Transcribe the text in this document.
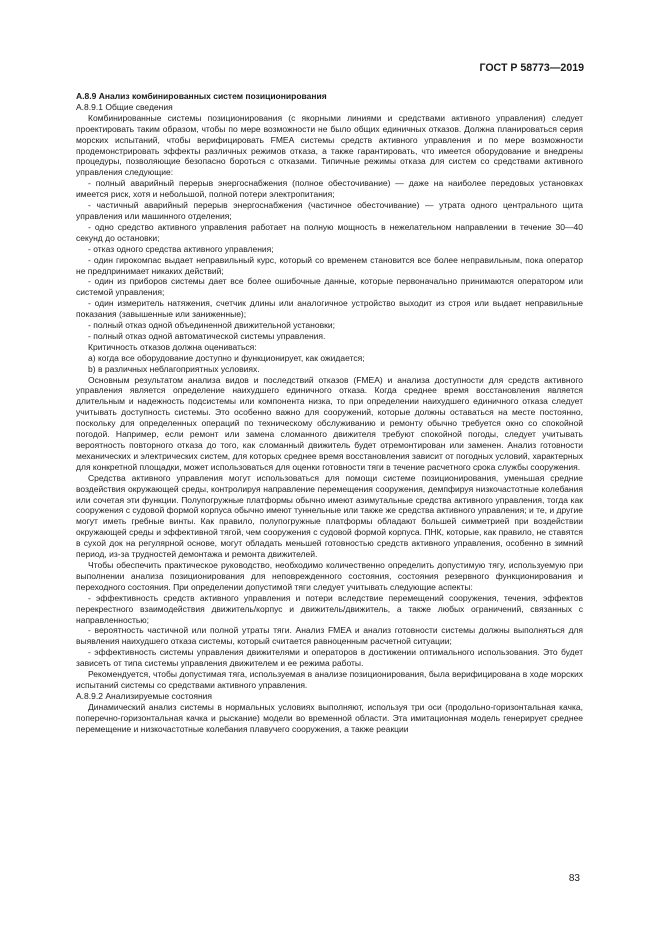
ГОСТ Р 58773—2019

А.8.9 Анализ комбинированных систем позиционирования

А.8.9.1 Общие сведения

Комбинированные системы позиционирования (с якорными линиями и средствами активного управления) следует проектировать таким образом, чтобы по мере возможности не было общих единичных отказов. Должна планироваться серия морских испытаний, чтобы верифицировать FMEA системы средств активного управления и по мере возможности продемонстрировать эффекты различных режимов отказа, а также гарантировать, что имеется оборудование и внедрены процедуры, позволяющие безопасно бороться с отказами. Типичные режимы отказа для систем со средствами активного управления следующие:

- полный аварийный перерыв энергоснабжения (полное обесточивание) — даже на наиболее передовых установках имеется риск, хотя и небольшой, полной потери электропитания;

- частичный аварийный перерыв энергоснабжения (частичное обесточивание) — утрата одного центрального щита управления или машинного отделения;

- одно средство активного управления работает на полную мощность в нежелательном направлении в течение 30—40 секунд до остановки;

- отказ одного средства активного управления;

- один гирокомпас выдает неправильный курс, который со временем становится все более неправильным, пока оператор не предпринимает никаких действий;

- один из приборов системы дает все более ошибочные данные, которые первоначально принимаются оператором или системой управления;

- один измеритель натяжения, счетчик длины или аналогичное устройство выходит из строя или выдает неправильные показания (завышенные или заниженные);

- полный отказ одной объединенной движительной установки;

- полный отказ одной автоматической системы управления.

Критичность отказов должна оцениваться:

а) когда все оборудование доступно и функционирует, как ожидается;

b) в различных неблагоприятных условиях.

Основным результатом анализа видов и последствий отказов (FMEA) и анализа доступности для средств активного управления является определение наихудшего единичного отказа. Когда среднее время восстановления является длительным и надежность подсистемы или компонента низка, то при определении наихудшего единичного отказа следует учитывать доступность системы. Это особенно важно для сооружений, которые должны оставаться на месте постоянно, поскольку для определенных операций по техническому обслуживанию и ремонту обычно требуется окно со спокойной погодой. Например, если ремонт или замена сломанного движителя требуют спокойной погоды, следует учитывать вероятность повторного отказа до того, как сломанный движитель будет отремонтирован или заменен. Анализ готовности механических и электрических систем, для которых среднее время восстановления зависит от погодных условий, характерных для конкретной площадки, может использоваться для оценки готовности тяги в течение расчетного срока службы сооружения.

Средства активного управления могут использоваться для помощи системе позиционирования, уменьшая средние воздействия окружающей среды, контролируя направление перемещения сооружения, демпфируя низкочастотные колебания или сочетая эти функции. Полупогружные платформы обычно имеют азимутальные средства активного управления, тогда как сооружения с судовой формой корпуса обычно имеют туннельные или также же средства активного управления; и те, и другие могут иметь гребные винты. Как правило, полупогружные платформы обладают большей симметрией при воздействии окружающей среды и эффективной тягой, чем сооружения с судовой формой корпуса. ПНК, которые, как правило, не ставятся в сухой док на регулярной основе, могут обладать меньшей готовностью средств активного управления, особенно в зимний период, из-за трудностей демонтажа и ремонта движителей.

Чтобы обеспечить практическое руководство, необходимо количественно определить допустимую тягу, используемую при выполнении анализа позиционирования для неповрежденного состояния, состояния резервного функционирования и переходного состояния. При определении допустимой тяги следует учитывать следующие аспекты:

- эффективность средств активного управления и потери вследствие перемещений сооружения, течения, эффектов перекрестного взаимодействия движитель/корпус и движитель/движитель, а также любых ограничений, связанных с направленностью;

- вероятность частичной или полной утраты тяги. Анализ FMEA и анализ готовности системы должны выполняться для выявления наихудшего отказа системы, который считается равноценным расчетной ситуации;

- эффективность системы управления движителями и операторов в достижении оптимального использования. Это будет зависеть от типа системы управления движителем и ее режима работы.

Рекомендуется, чтобы допустимая тяга, используемая в анализе позиционирования, была верифицирована в ходе морских испытаний системы со средствами активного управления.

А.8.9.2 Анализируемые состояния

Динамический анализ системы в нормальных условиях выполняют, используя три оси (продольно-горизонтальная качка, поперечно-горизонтальная качка и рыскание) модели во временной области. Эта имитационная модель генерирует среднее перемещение и низкочастотные колебания плавучего сооружения, а также реакции

83
